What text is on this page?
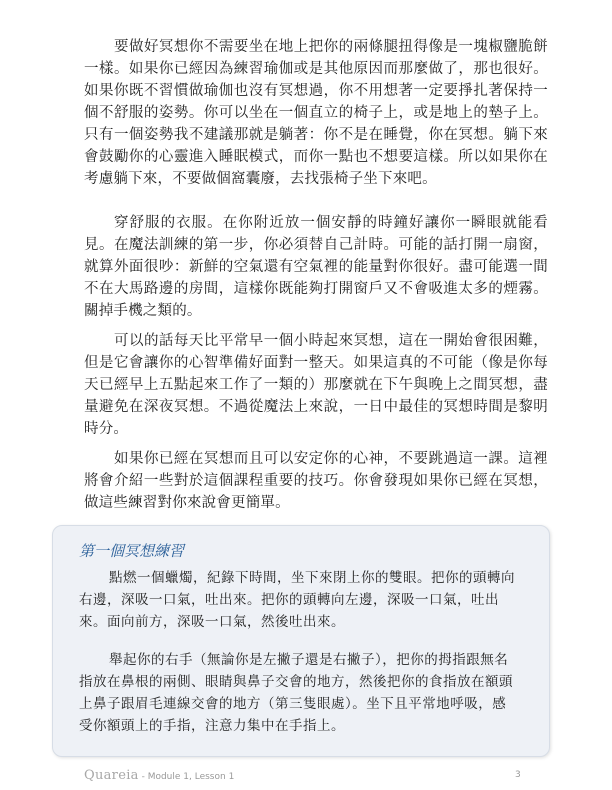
要做好冥想你不需要坐在地上把你的兩條腿扭得像是一塊椒鹽脆餅一樣。如果你已經因為練習瑜伽或是其他原因而那麼做了，那也很好。如果你既不習慣做瑜伽也沒有冥想過，你不用想著一定要掙扎著保持一個不舒服的姿勢。你可以坐在一個直立的椅子上，或是地上的墊子上。只有一個姿勢我不建議那就是躺著：你不是在睡覺，你在冥想。躺下來會鼓勵你的心靈進入睡眠模式，而你一點也不想要這樣。所以如果你在考慮躺下來，不要做個窩囊廢，去找張椅子坐下來吧。

穿舒服的衣服。在你附近放一個安靜的時鐘好讓你一瞬眼就能看見。在魔法訓練的第一步，你必須替自己計時。可能的話打開一扇窗，就算外面很吵：新鮮的空氣還有空氣裡的能量對你很好。盡可能選一間不在大馬路邊的房間，這樣你既能夠打開窗戶又不會吸進太多的煙霧。關掉手機之類的。

可以的話每天比平常早一個小時起來冥想，這在一開始會很困難，但是它會讓你的心智準備好面對一整天。如果這真的不可能（像是你每天已經早上五點起來工作了一類的）那麼就在下午與晚上之間冥想，盡量避免在深夜冥想。不過從魔法上來說，一日中最佳的冥想時間是黎明時分。

如果你已經在冥想而且可以安定你的心神，不要跳過這一課。這裡將會介紹一些對於這個課程重要的技巧。你會發現如果你已經在冥想，做這些練習對你來說會更簡單。

第一個冥想練習

點燃一個蠟燭，紀錄下時間，坐下來閉上你的雙眼。把你的頭轉向右邊，深吸一口氣，吐出來。把你的頭轉向左邊，深吸一口氣，吐出來。面向前方，深吸一口氣，然後吐出來。

舉起你的右手（無論你是左撇子還是右撇子），把你的拇指跟無名指放在鼻根的兩側、眼睛與鼻子交會的地方，然後把你的食指放在額頭上鼻子跟眉毛連線交會的地方（第三隻眼處）。坐下且平常地呼吸，感受你額頭上的手指，注意力集中在手指上。

Quareia - Module 1, Lesson 1	3
